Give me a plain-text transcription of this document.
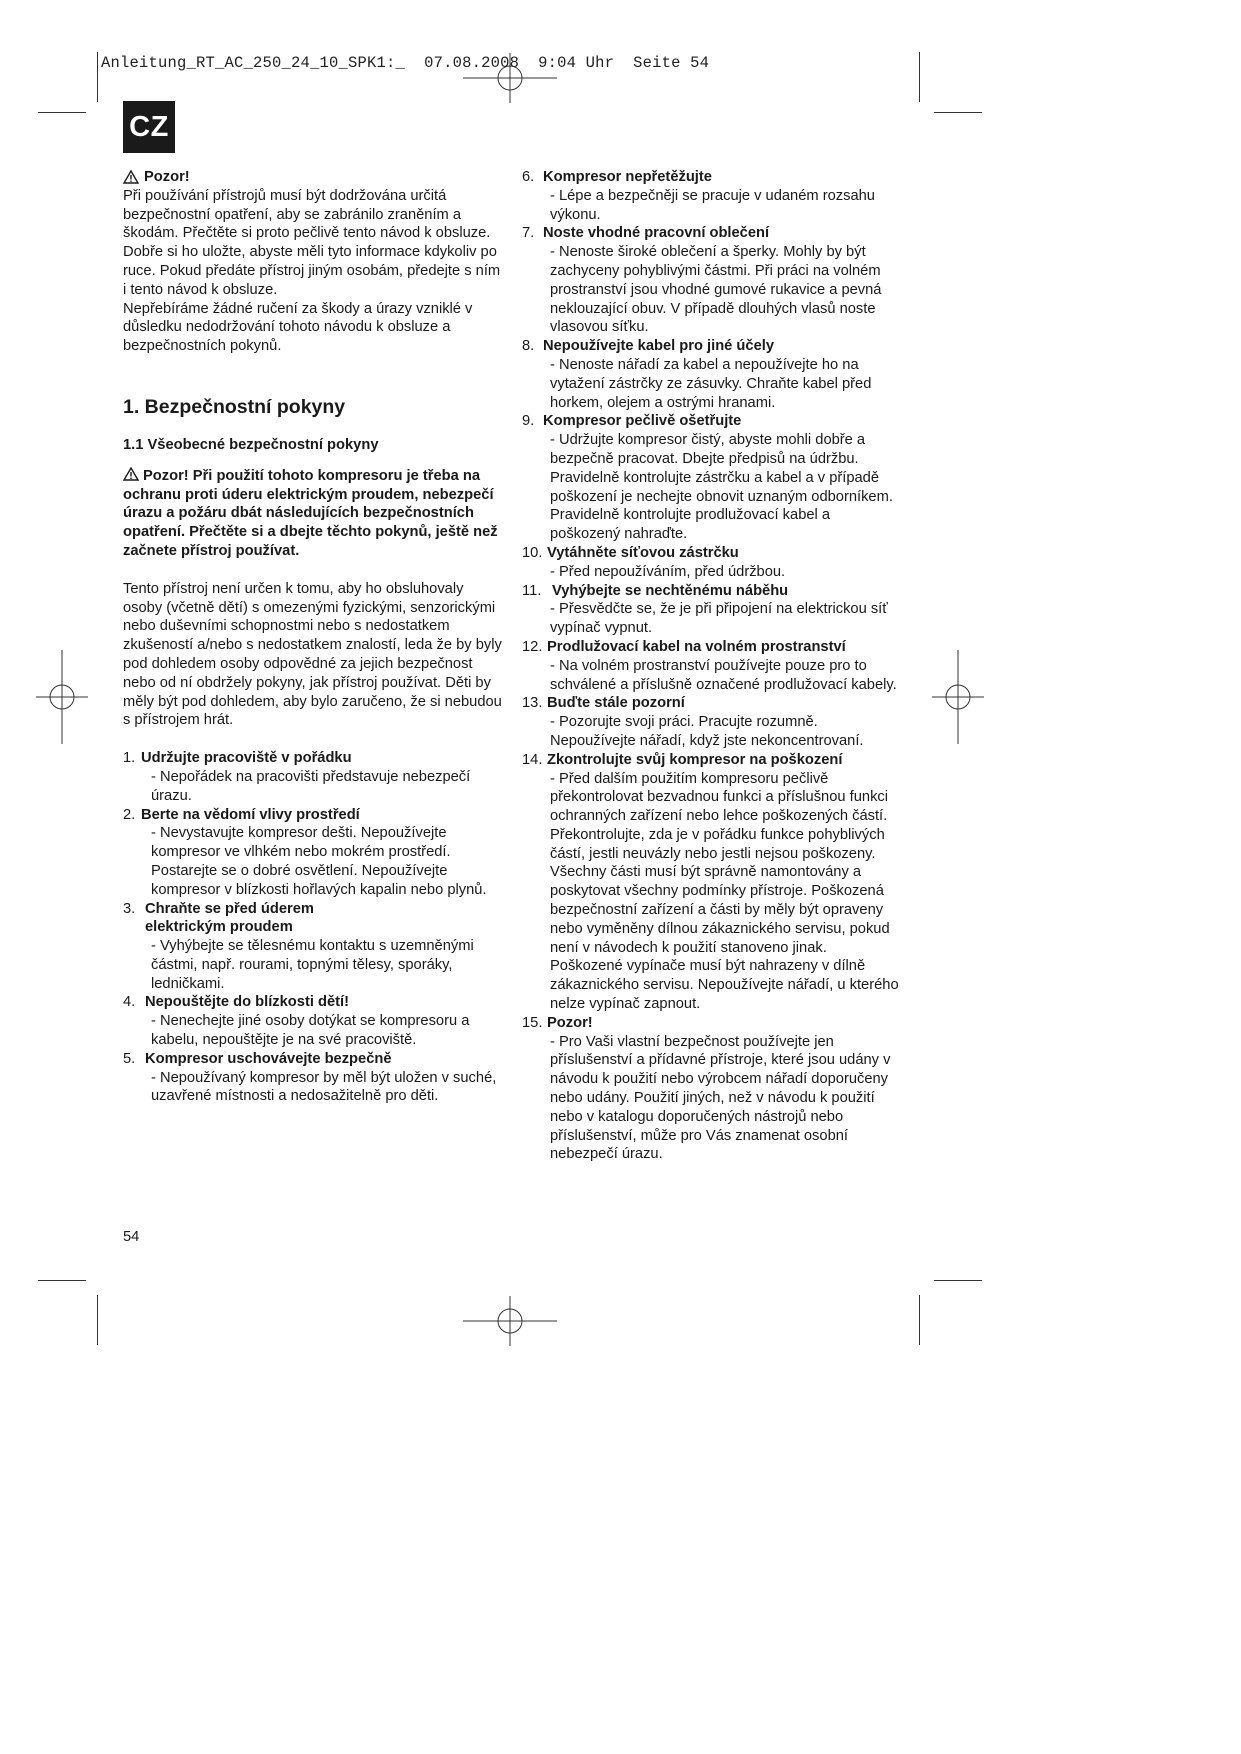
Anleitung_RT_AC_250_24_10_SPK1:_ 07.08.2008 9:04 Uhr Seite 54
CZ
Pozor!

Při používání přístrojů musí být dodržována určitá bezpečnostní opatření, aby se zabránilo zraněním a škodám. Přečtěte si proto pečlivě tento návod k obsluze. Dobře si ho uložte, abyste měli tyto informace kdykoliv po ruce. Pokud předáte přístroj jiným osobám, předejte s ním i tento návod k obsluze.

Nepřebíráme žádné ručení za škody a úrazy vzniklé v důsledku nedodržování tohoto návodu k obsluze a bezpečnostních pokynů.

1. Bezpečnostní pokyny
1.1 Všeobecné bezpečnostní pokyny
Pozor! Při použití tohoto kompresoru je třeba na ochranu proti úderu elektrickým proudem, nebezpečí úrazu a požáru dbát následujících bezpečnostních opatření. Přečtěte si a dbejte těchto pokynů, ještě než začnete přístroj používat.

Tento přístroj není určen k tomu, aby ho obsluhovaly osoby (včetně dětí) s omezenými fyzickými, senzorickými nebo duševními schopnostmi nebo s nedostatkem zkušeností a/nebo s nedostatkem znalostí, leda že by byly pod dohledem osoby odpovědné za jejich bezpečnost nebo od ní obdržely pokyny, jak přístroj používat. Děti by měly být pod dohledem, aby bylo zaručeno, že si nebudou s přístrojem hrát.

1. Udržujte pracoviště v pořádku
- Nepořádek na pracovišti představuje nebezpečí úrazu.
2. Berte na vědomí vlivy prostředí
- Nevystavujte kompresor dešti. Nepoužívejte kompresor ve vlhkém nebo mokrém prostředí. Postarejte se o dobré osvětlení. Nepoužívejte kompresor v blízkosti hořlavých kapalin nebo plynů.
3. Chraňte se před úderem elektrickým proudem
- Vyhýbejte se tělesnému kontaktu s uzemněnými částmi, např. rourami, topnými tělesy, sporáky, ledničkami.
4. Nepouštějte do blízkosti dětí!
- Nenechejte jiné osoby dotýkat se kompresoru a kabelu, nepouštějte je na své pracoviště.
5. Kompresor uschovávejte bezpečně
- Nepoužívaný kompresor by měl být uložen v suché, uzavřené místnosti a nedosažitelně pro děti.
6. Kompresor nepřetěžujte
- Lépe a bezpečněji se pracuje v udaném rozsahu výkonu.
7. Noste vhodné pracovní oblečení
- Nenoste široké oblečení a šperky. Mohly by být zachyceny pohyblivými částmi. Při práci na volném prostranství jsou vhodné gumové rukavice a pevná neklouzající obuv. V případě dlouhých vlasů noste vlasovou síťku.
8. Nepoužívejte kabel pro jiné účely
- Nenoste nářadí za kabel a nepoužívejte ho na vytažení zástrčky ze zásuvky. Chraňte kabel před horkem, olejem a ostrými hranami.
9. Kompresor pečlivě ošetřujte
- Udržujte kompresor čistý, abyste mohli dobře a bezpečně pracovat. Dbejte předpisů na údržbu. Pravidelně kontrolujte zástrčku a kabel a v případě poškození je nechejte obnovit uznaným odborníkem. Pravidelně kontrolujte prodlužovací kabel a poškozený nahraďte.
10. Vytáhněte síťovou zástrčku
- Před nepoužíváním, před údržbou.
11. Vyhýbejte se nechtěnému náběhu
- Přesvědčte se, že je při připojení na elektrickou síť vypínač vypnut.
12. Prodlužovací kabel na volném prostranství
- Na volném prostranství používejte pouze pro to schválené a příslušně označené prodlužovací kabely.
13. Buďte stále pozorní
- Pozorujte svoji práci. Pracujte rozumně. Nepoužívejte nářadí, když jste nekoncentrovaní.
14. Zkontrolujte svůj kompresor na poškození
- Před dalším použitím kompresoru pečlivě překontrolovat bezvadnou funkci a příslušnou funkci ochranných zařízení nebo lehce poškozených částí. Překontrolujte, zda je v pořádku funkce pohyblivých částí, jestli neuvázly nebo jestli nejsou poškozeny. Všechny části musí být správně namontovány a poskytovat všechny podmínky přístroje. Poškozená bezpečnostní zařízení a části by měly být opraveny nebo vyměněny dílnou zákaznického servisu, pokud není v návodech k použití stanoveno jinak. Poškozené vypínače musí být nahrazeny v dílně zákaznického servisu. Nepoužívejte nářadí, u kterého nelze vypínač zapnout.
15. Pozor!
- Pro Vaši vlastní bezpečnost používejte jen příslušenství a přídavné přístroje, které jsou udány v návodu k použití nebo výrobcem nářadí doporučeny nebo udány. Použití jiných, než v návodu k použití nebo v katalogu doporučených nástrojů nebo příslušenství, může pro Vás znamenat osobní nebezpečí úrazu.
54
